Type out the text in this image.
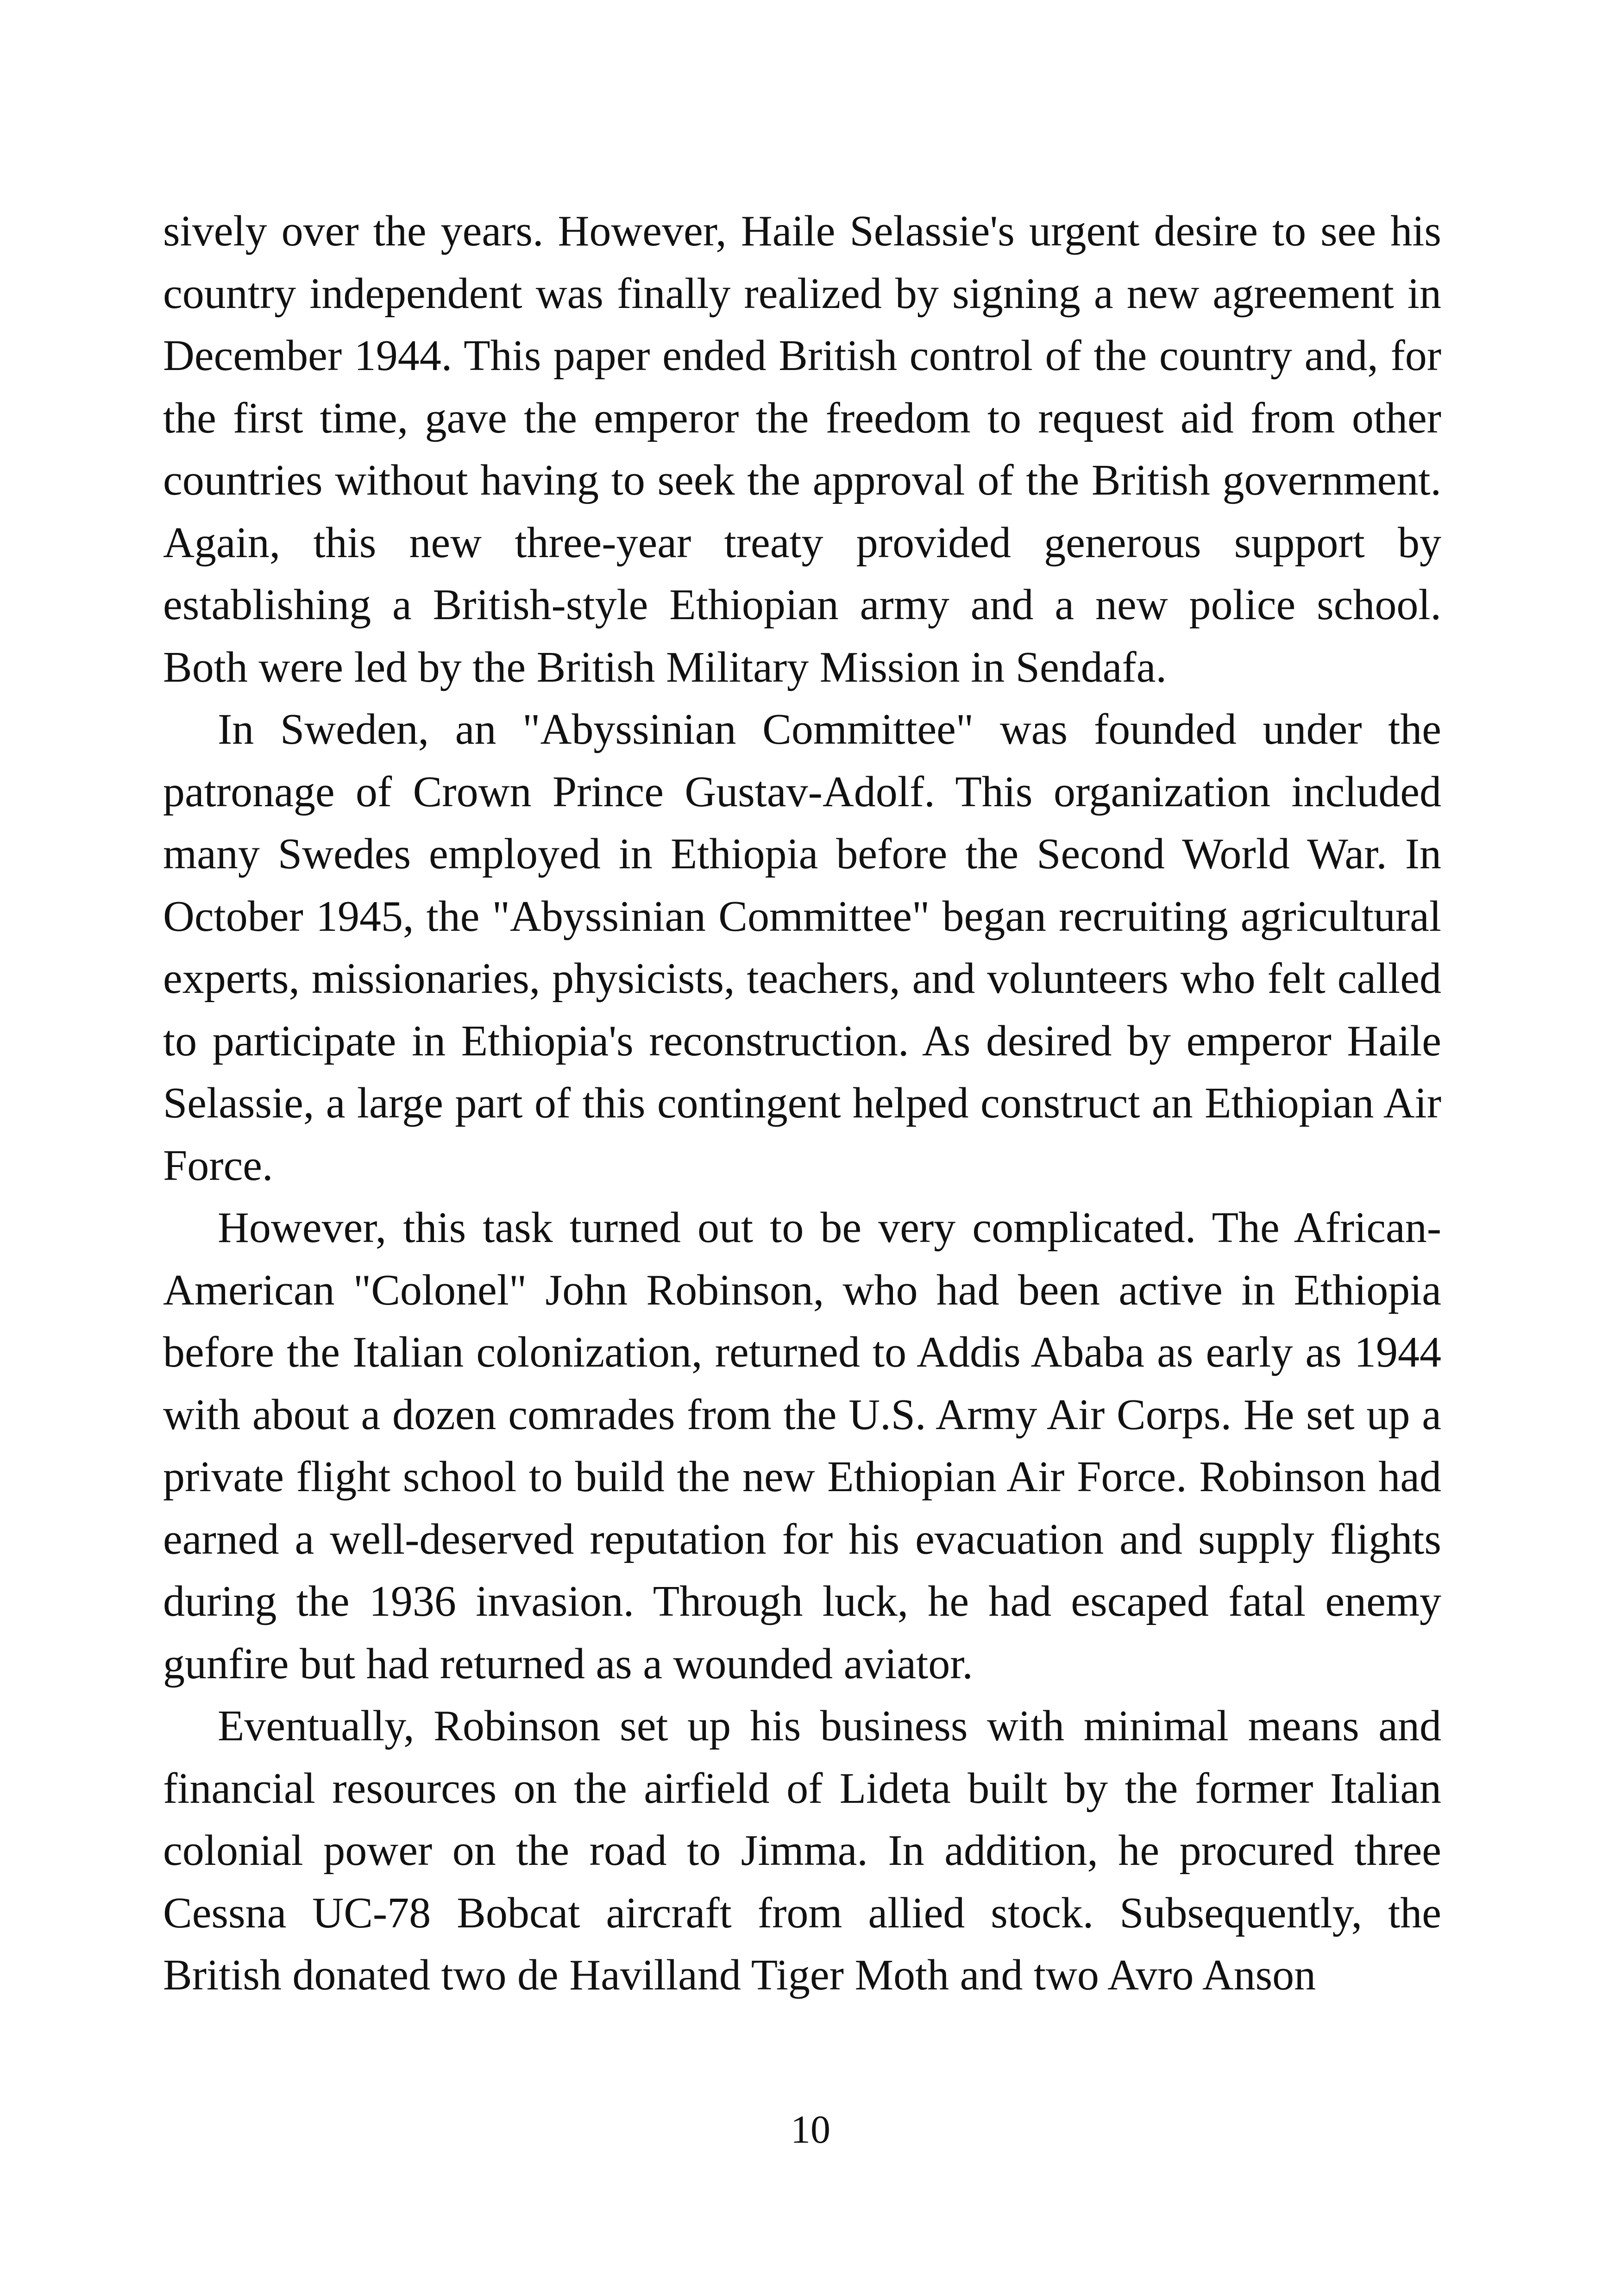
sively over the years. However, Haile Selassie's urgent desire to see his country independent was finally realized by signing a new agreement in December 1944. This paper ended British control of the country and, for the first time, gave the emperor the freedom to request aid from other countries without having to seek the approval of the British government. Again, this new three-year treaty provided generous support by establishing a British-style Ethiopian army and a new police school. Both were led by the British Military Mission in Sendafa.

In Sweden, an "Abyssinian Committee" was founded under the patronage of Crown Prince Gustav-Adolf. This organization included many Swedes employed in Ethiopia before the Second World War. In October 1945, the "Abyssinian Committee" began recruiting agricultural experts, missionaries, physicists, teachers, and volunteers who felt called to participate in Ethiopia's reconstruction. As desired by emperor Haile Selassie, a large part of this contingent helped construct an Ethiopian Air Force.

However, this task turned out to be very complicated. The African-American "Colonel" John Robinson, who had been active in Ethiopia before the Italian colonization, returned to Addis Ababa as early as 1944 with about a dozen comrades from the U.S. Army Air Corps. He set up a private flight school to build the new Ethiopian Air Force. Robinson had earned a well-deserved reputation for his evacuation and supply flights during the 1936 invasion. Through luck, he had escaped fatal enemy gunfire but had returned as a wounded aviator.

Eventually, Robinson set up his business with minimal means and financial resources on the airfield of Lideta built by the former Italian colonial power on the road to Jimma. In addition, he procured three Cessna UC-78 Bobcat aircraft from allied stock. Subsequently, the British donated two de Havilland Tiger Moth and two Avro Anson

10
